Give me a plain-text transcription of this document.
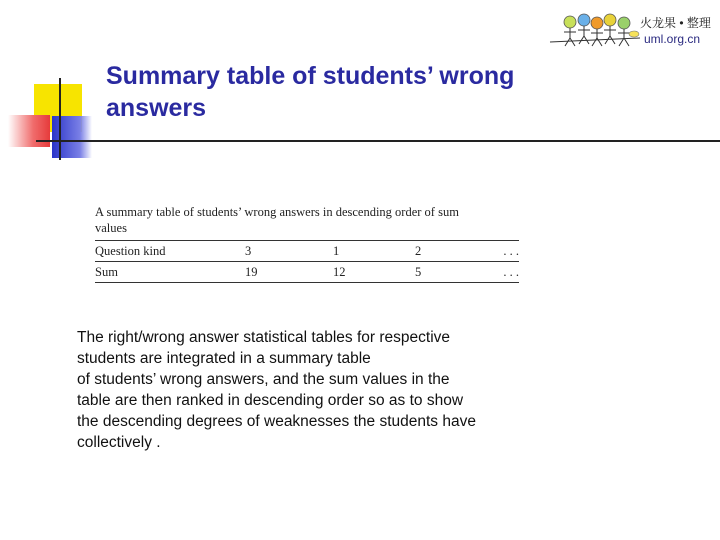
Summary table of students’ wrong
answers
火龙果 • 整理
uml.org.cn
A summary table of students’ wrong answers in descending order of sum
values
Question kind	3	1	2	. . .
Sum	19	12	5	. . .
The right/wrong answer statistical tables for respective
students are integrated in a summary table
of students’ wrong answers, and the sum values in the
table are then ranked in descending order so as to show
the descending degrees of weaknesses the students have
collectively .
